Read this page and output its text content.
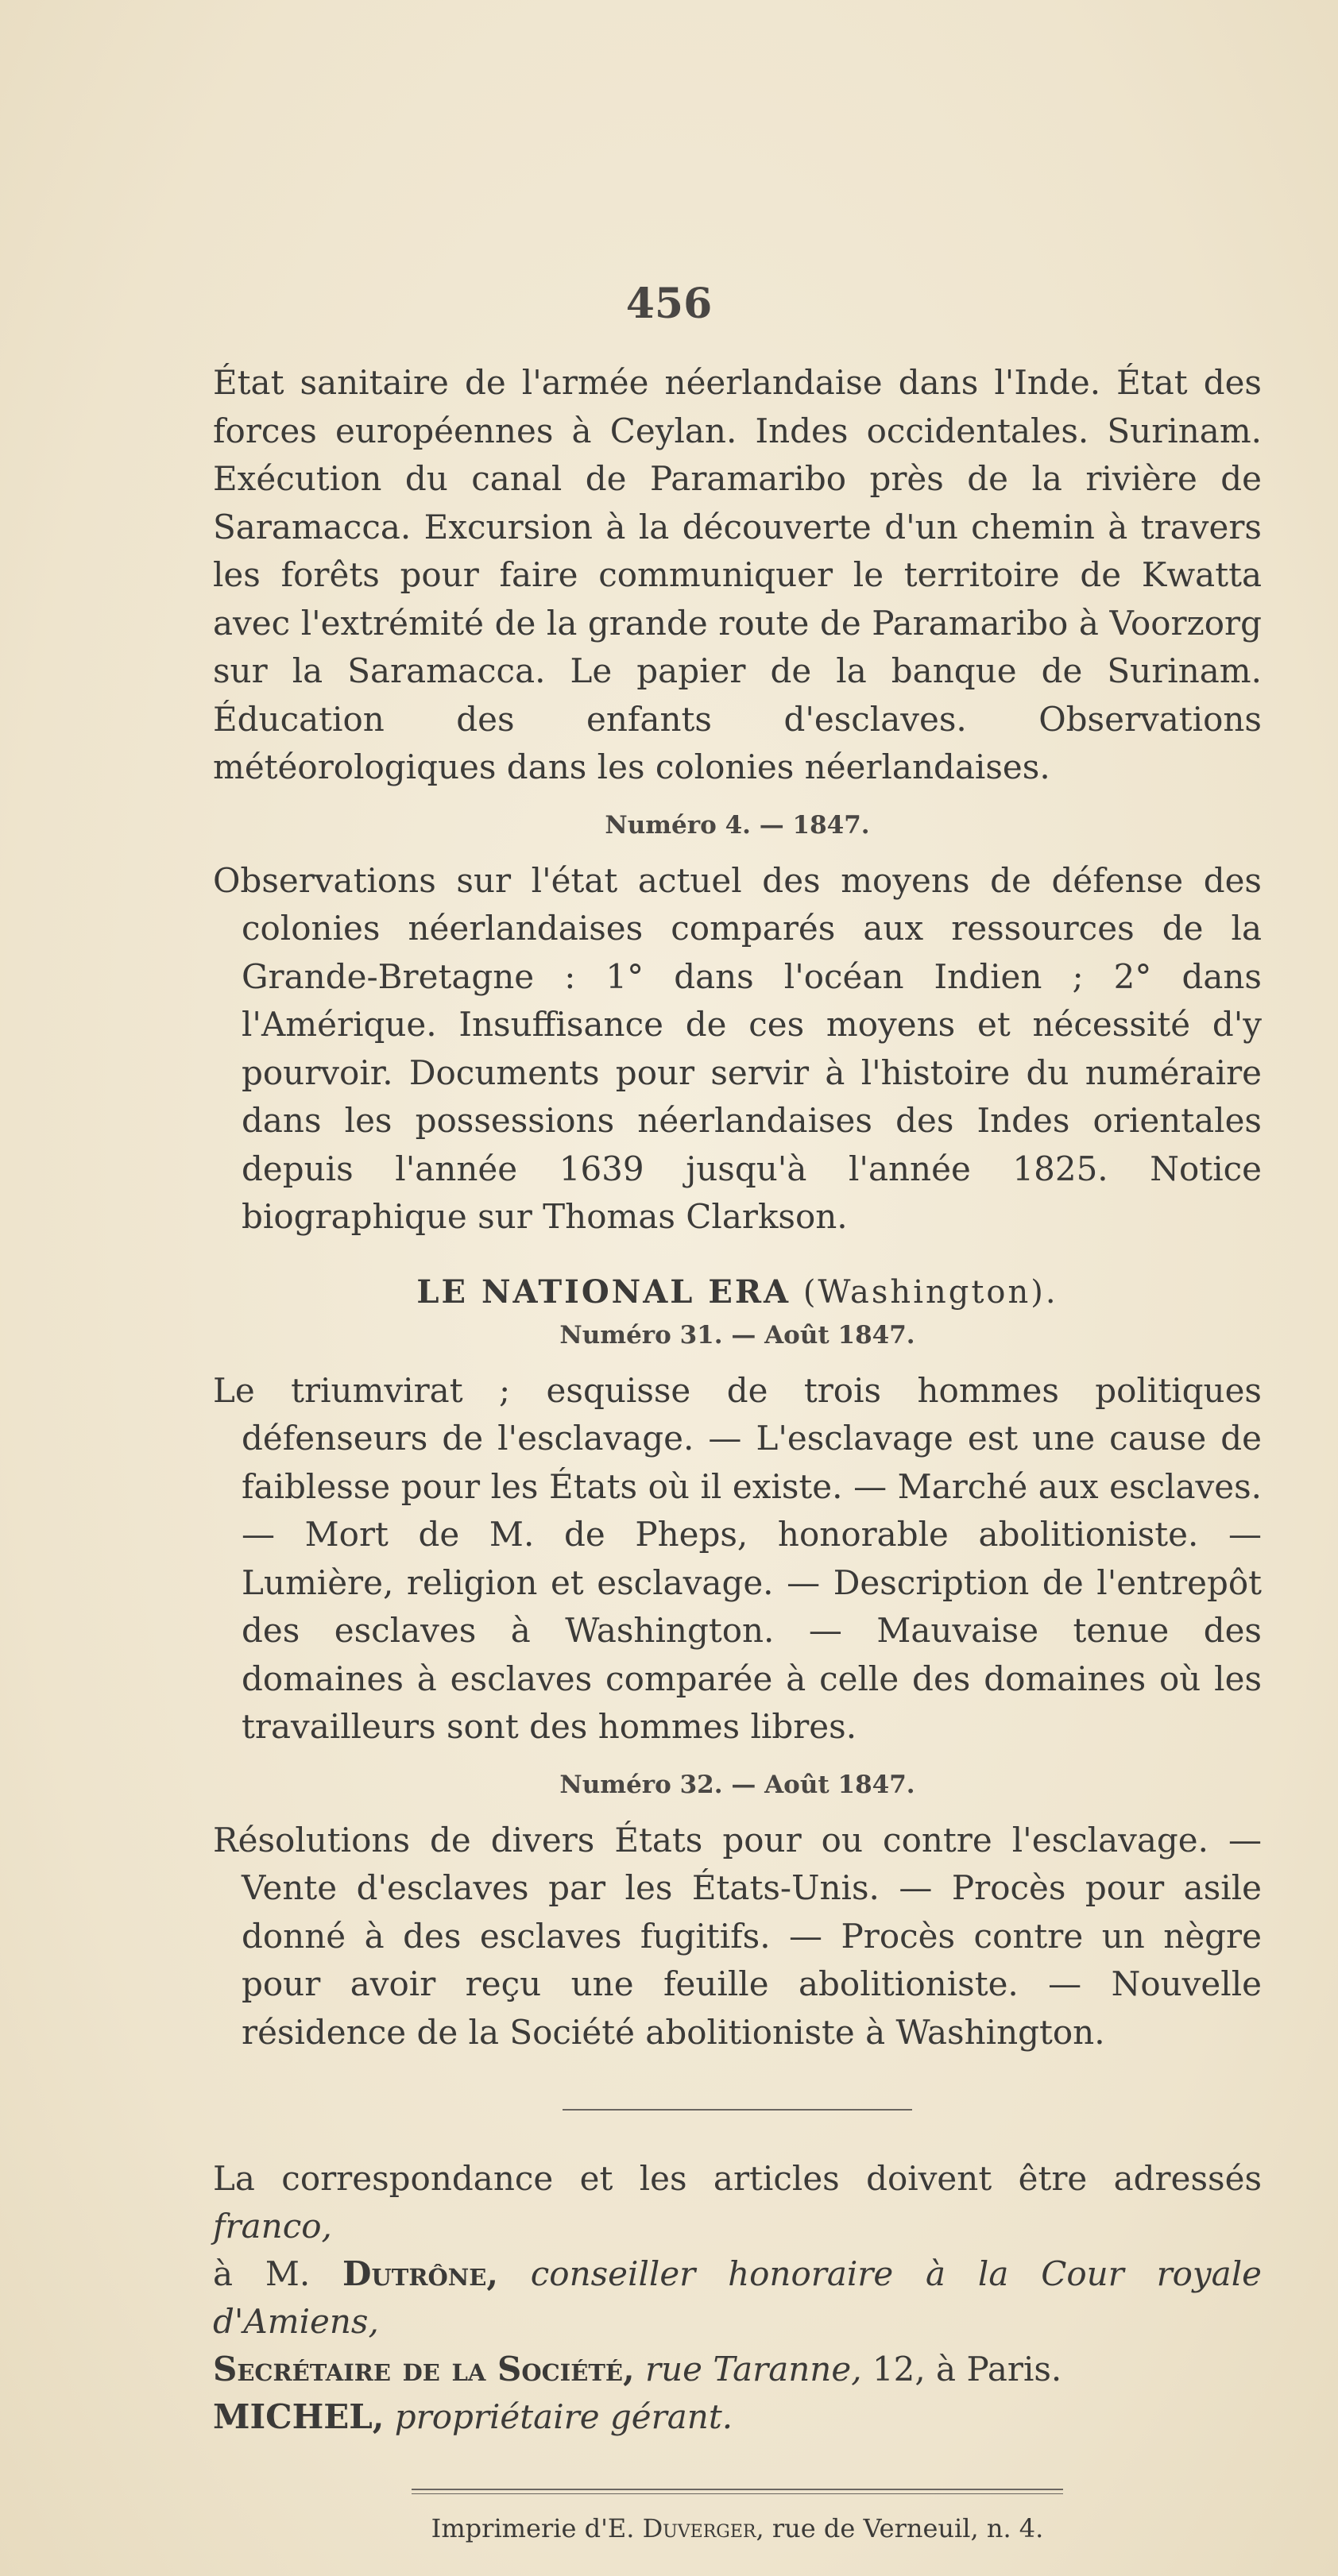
456

État sanitaire de l'armée néerlandaise dans l'Inde. État des forces européennes à Ceylan. Indes occidentales. Surinam. Exécution du canal de Paramaribo près de la rivière de Saramacca. Excursion à la découverte d'un chemin à travers les forêts pour faire communiquer le territoire de Kwatta avec l'extrémité de la grande route de Paramaribo à Voorzorg sur la Saramacca. Le papier de la banque de Surinam. Éducation des enfants d'esclaves. Observations météorologiques dans les colonies néerlandaises.

Numéro 4. — 1847.

Observations sur l'état actuel des moyens de défense des colonies néerlandaises comparés aux ressources de la Grande-Bretagne : 1° dans l'océan Indien ; 2° dans l'Amérique. Insuffisance de ces moyens et nécessité d'y pourvoir. Documents pour servir à l'histoire du numéraire dans les possessions néerlandaises des Indes orientales depuis l'année 1639 jusqu'à l'année 1825. Notice biographique sur Thomas Clarkson.

LE NATIONAL ERA (Washington).
Numéro 31. — Août 1847.

Le triumvirat ; esquisse de trois hommes politiques défenseurs de l'esclavage. — L'esclavage est une cause de faiblesse pour les États où il existe. — Marché aux esclaves. — Mort de M. de Pheps, honorable abolitioniste. — Lumière, religion et esclavage. — Description de l'entrepôt des esclaves à Washington. — Mauvaise tenue des domaines à esclaves comparée à celle des domaines où les travailleurs sont des hommes libres.

Numéro 32. — Août 1847.

Résolutions de divers États pour ou contre l'esclavage. — Vente d'esclaves par les États-Unis. — Procès pour asile donné à des esclaves fugitifs. — Procès contre un nègre pour avoir reçu une feuille abolitioniste. — Nouvelle résidence de la Société abolitioniste à Washington.

La correspondance et les articles doivent être adressés franco,

à M. Dutrône, conseiller honoraire à la Cour royale d'Amiens,

Secrétaire de la Société, rue Taranne, 12, à Paris.

MICHEL, propriétaire gérant.

Imprimerie d'E. Duverger, rue de Verneuil, n. 4.
